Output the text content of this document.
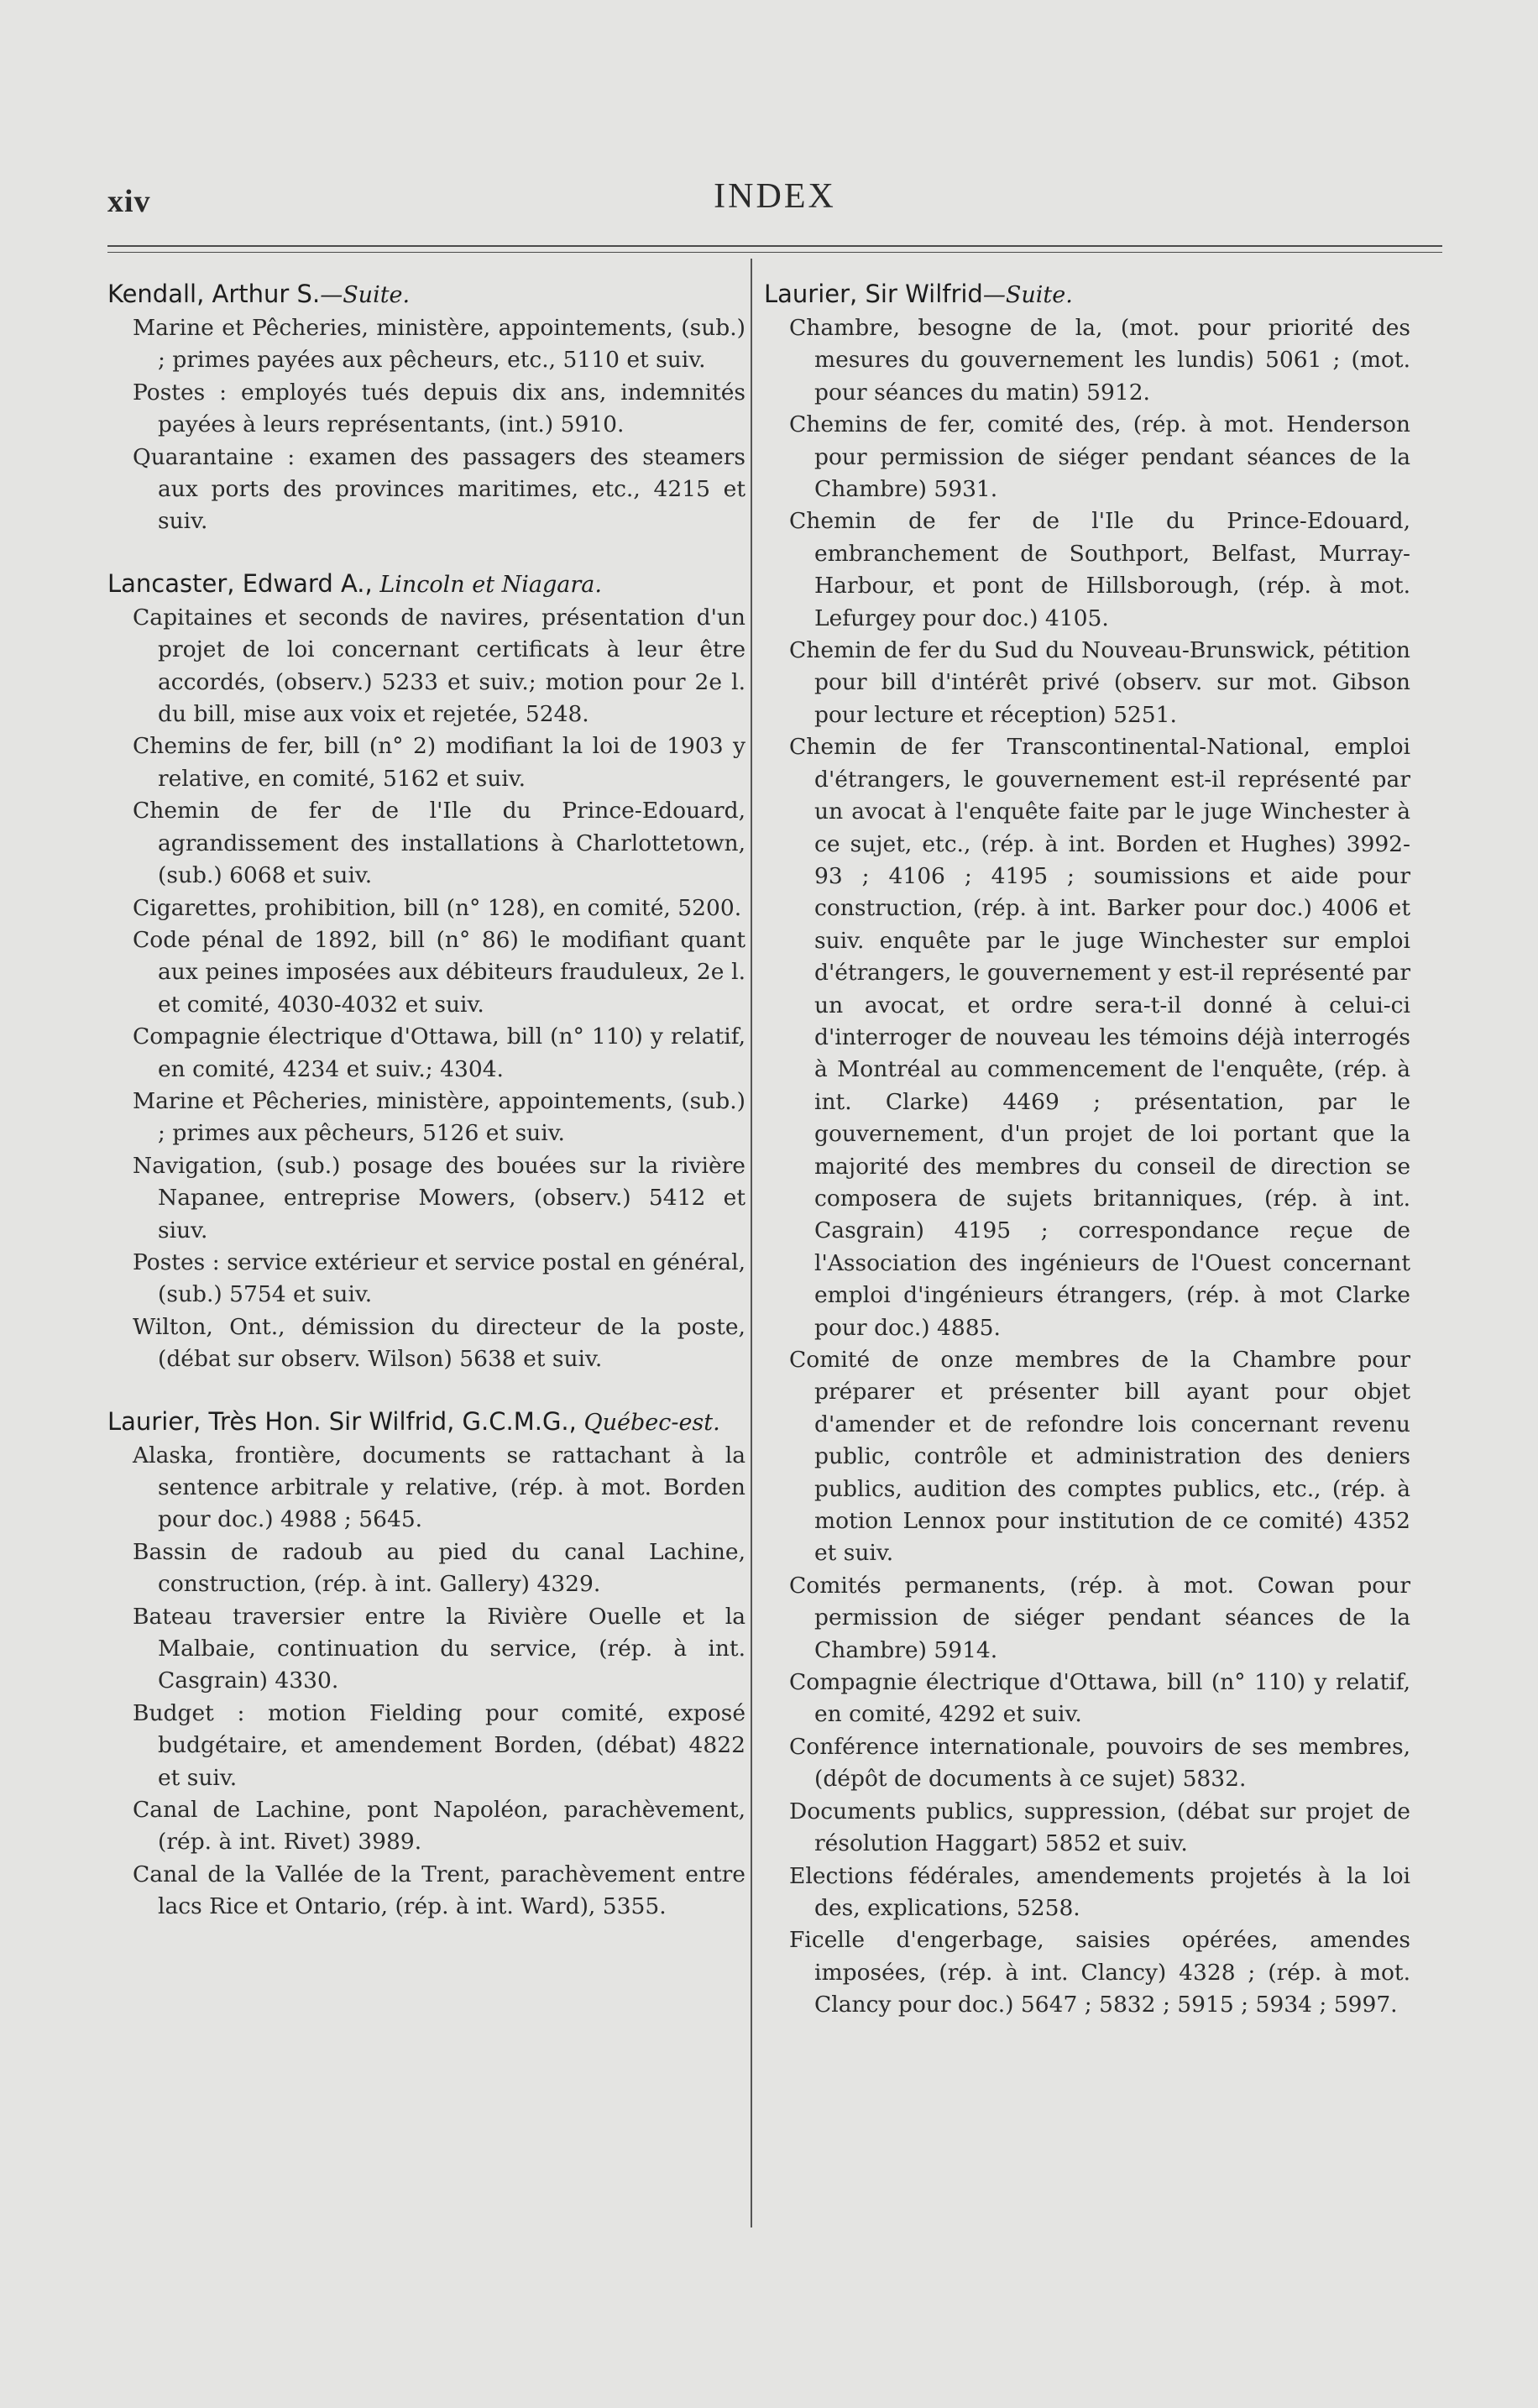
xiv	INDEX
Kendall, Arthur S.—Suite.

Marine et Pêcheries, ministère, appointements, (sub.) ; primes payées aux pêcheurs, etc., 5110 et suiv.

Postes : employés tués depuis dix ans, indemnités payées à leurs représentants, (int.) 5910.

Quarantaine : examen des passagers des steamers aux ports des provinces maritimes, etc., 4215 et suiv.

Lancaster, Edward A., Lincoln et Niagara.

Capitaines et seconds de navires, présentation d'un projet de loi concernant certificats à leur être accordés, (observ.) 5233 et suiv.; motion pour 2e l. du bill, mise aux voix et rejetée, 5248.

Chemins de fer, bill (n° 2) modifiant la loi de 1903 y relative, en comité, 5162 et suiv.

Chemin de fer de l'Ile du Prince-Edouard, agrandissement des installations à Charlottetown, (sub.) 6068 et suiv.

Cigarettes, prohibition, bill (n° 128), en comité, 5200.

Code pénal de 1892, bill (n° 86) le modifiant quant aux peines imposées aux débiteurs frauduleux, 2e l. et comité, 4030-4032 et suiv.

Compagnie électrique d'Ottawa, bill (n° 110) y relatif, en comité, 4234 et suiv.; 4304.

Marine et Pêcheries, ministère, appointements, (sub.) ; primes aux pêcheurs, 5126 et suiv.

Navigation, (sub.) posage des bouées sur la rivière Napanee, entreprise Mowers, (observ.) 5412 et siuv.

Postes : service extérieur et service postal en général, (sub.) 5754 et suiv.

Wilton, Ont., démission du directeur de la poste, (débat sur observ. Wilson) 5638 et suiv.

Laurier, Très Hon. Sir Wilfrid, G.C.M.G., Québec-est.

Alaska, frontière, documents se rattachant à la sentence arbitrale y relative, (rép. à mot. Borden pour doc.) 4988 ; 5645.

Bassin de radoub au pied du canal Lachine, construction, (rép. à int. Gallery) 4329.

Bateau traversier entre la Rivière Ouelle et la Malbaie, continuation du service, (rép. à int. Casgrain) 4330.

Budget : motion Fielding pour comité, exposé budgétaire, et amendement Borden, (débat) 4822 et suiv.

Canal de Lachine, pont Napoléon, parachèvement, (rép. à int. Rivet) 3989.

Canal de la Vallée de la Trent, parachèvement entre lacs Rice et Ontario, (rép. à int. Ward), 5355.

Laurier, Sir Wilfrid—Suite.

Chambre, besogne de la, (mot. pour priorité des mesures du gouvernement les lundis) 5061 ; (mot. pour séances du matin) 5912.

Chemins de fer, comité des, (rép. à mot. Henderson pour permission de siéger pendant séances de la Chambre) 5931.

Chemin de fer de l'Ile du Prince-Edouard, embranchement de Southport, Belfast, Murray-Harbour, et pont de Hillsborough, (rép. à mot. Lefurgey pour doc.) 4105.

Chemin de fer du Sud du Nouveau-Brunswick, pétition pour bill d'intérêt privé (observ. sur mot. Gibson pour lecture et réception) 5251.

Chemin de fer Transcontinental-National, emploi d'étrangers, le gouvernement est-il représenté par un avocat à l'enquête faite par le juge Winchester à ce sujet, etc., (rép. à int. Borden et Hughes) 3992-93 ; 4106 ; 4195 ; soumissions et aide pour construction, (rép. à int. Barker pour doc.) 4006 et suiv. enquête par le juge Winchester sur emploi d'étrangers, le gouvernement y est-il représenté par un avocat, et ordre sera-t-il donné à celui-ci d'interroger de nouveau les témoins déjà interrogés à Montréal au commencement de l'enquête, (rép. à int. Clarke) 4469 ; présentation, par le gouvernement, d'un projet de loi portant que la majorité des membres du conseil de direction se composera de sujets britanniques, (rép. à int. Casgrain) 4195 ; correspondance reçue de l'Association des ingénieurs de l'Ouest concernant emploi d'ingénieurs étrangers, (rép. à mot Clarke pour doc.) 4885.

Comité de onze membres de la Chambre pour préparer et présenter bill ayant pour objet d'amender et de refondre lois concernant revenu public, contrôle et administration des deniers publics, audition des comptes publics, etc., (rép. à motion Lennox pour institution de ce comité) 4352 et suiv.

Comités permanents, (rép. à mot. Cowan pour permission de siéger pendant séances de la Chambre) 5914.

Compagnie électrique d'Ottawa, bill (n° 110) y relatif, en comité, 4292 et suiv.

Conférence internationale, pouvoirs de ses membres, (dépôt de documents à ce sujet) 5832.

Documents publics, suppression, (débat sur projet de résolution Haggart) 5852 et suiv.

Elections fédérales, amendements projetés à la loi des, explications, 5258.

Ficelle d'engerbage, saisies opérées, amendes imposées, (rép. à int. Clancy) 4328 ; (rép. à mot. Clancy pour doc.) 5647 ; 5832 ; 5915 ; 5934 ; 5997.
